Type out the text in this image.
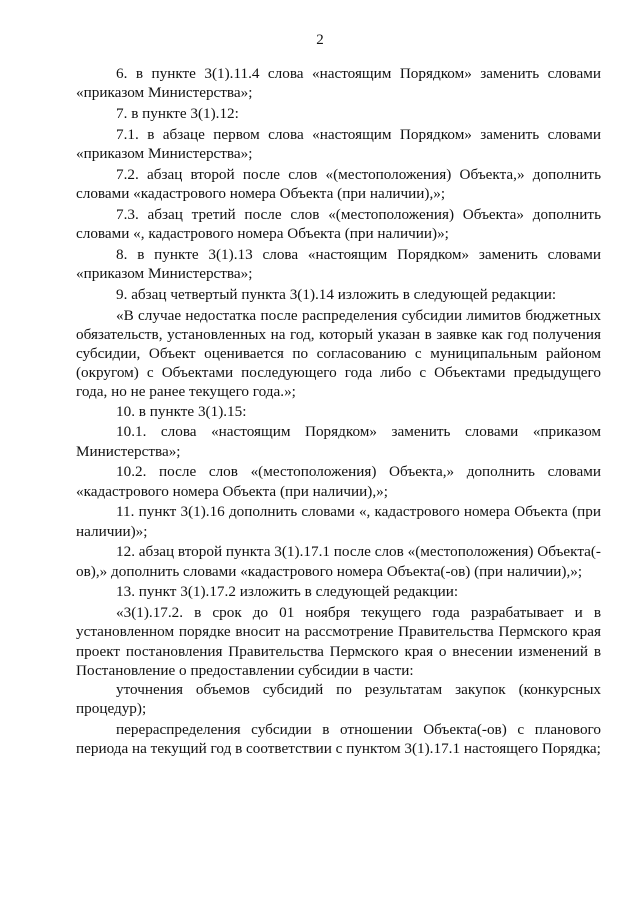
2

6. в пункте 3(1).11.4 слова «настоящим Порядком» заменить словами «приказом Министерства»;

7. в пункте 3(1).12:

7.1. в абзаце первом слова «настоящим Порядком» заменить словами «приказом Министерства»;

7.2. абзац второй после слов «(местоположения) Объекта,» дополнить словами «кадастрового номера Объекта (при наличии),»;

7.3. абзац третий после слов «(местоположения) Объекта» дополнить словами «, кадастрового номера Объекта (при наличии)»;

8. в пункте 3(1).13 слова «настоящим Порядком» заменить словами «приказом Министерства»;

9. абзац четвертый пункта 3(1).14 изложить в следующей редакции:

«В случае недостатка после распределения субсидии лимитов бюджетных обязательств, установленных на год, который указан в заявке как год получения субсидии, Объект оценивается по согласованию с муниципальным районом (округом) с Объектами последующего года либо с Объектами предыдущего года, но не ранее текущего года.»;

10. в пункте 3(1).15:

10.1. слова «настоящим Порядком» заменить словами «приказом Министерства»;

10.2. после слов «(местоположения) Объекта,» дополнить словами «кадастрового номера Объекта (при наличии),»;

11. пункт 3(1).16 дополнить словами «, кадастрового номера Объекта (при наличии)»;

12. абзац второй пункта 3(1).17.1 после слов «(местоположения) Объекта(-ов),» дополнить словами «кадастрового номера Объекта(-ов) (при наличии),»;

13. пункт 3(1).17.2 изложить в следующей редакции:

«3(1).17.2. в срок до 01 ноября текущего года разрабатывает и в установленном порядке вносит на рассмотрение Правительства Пермского края проект постановления Правительства Пермского края о внесении изменений в Постановление о предоставлении субсидии в части:

уточнения объемов субсидий по результатам закупок (конкурсных процедур);

перераспределения субсидии в отношении Объекта(-ов) с планового периода на текущий год в соответствии с пунктом 3(1).17.1 настоящего Порядка;
